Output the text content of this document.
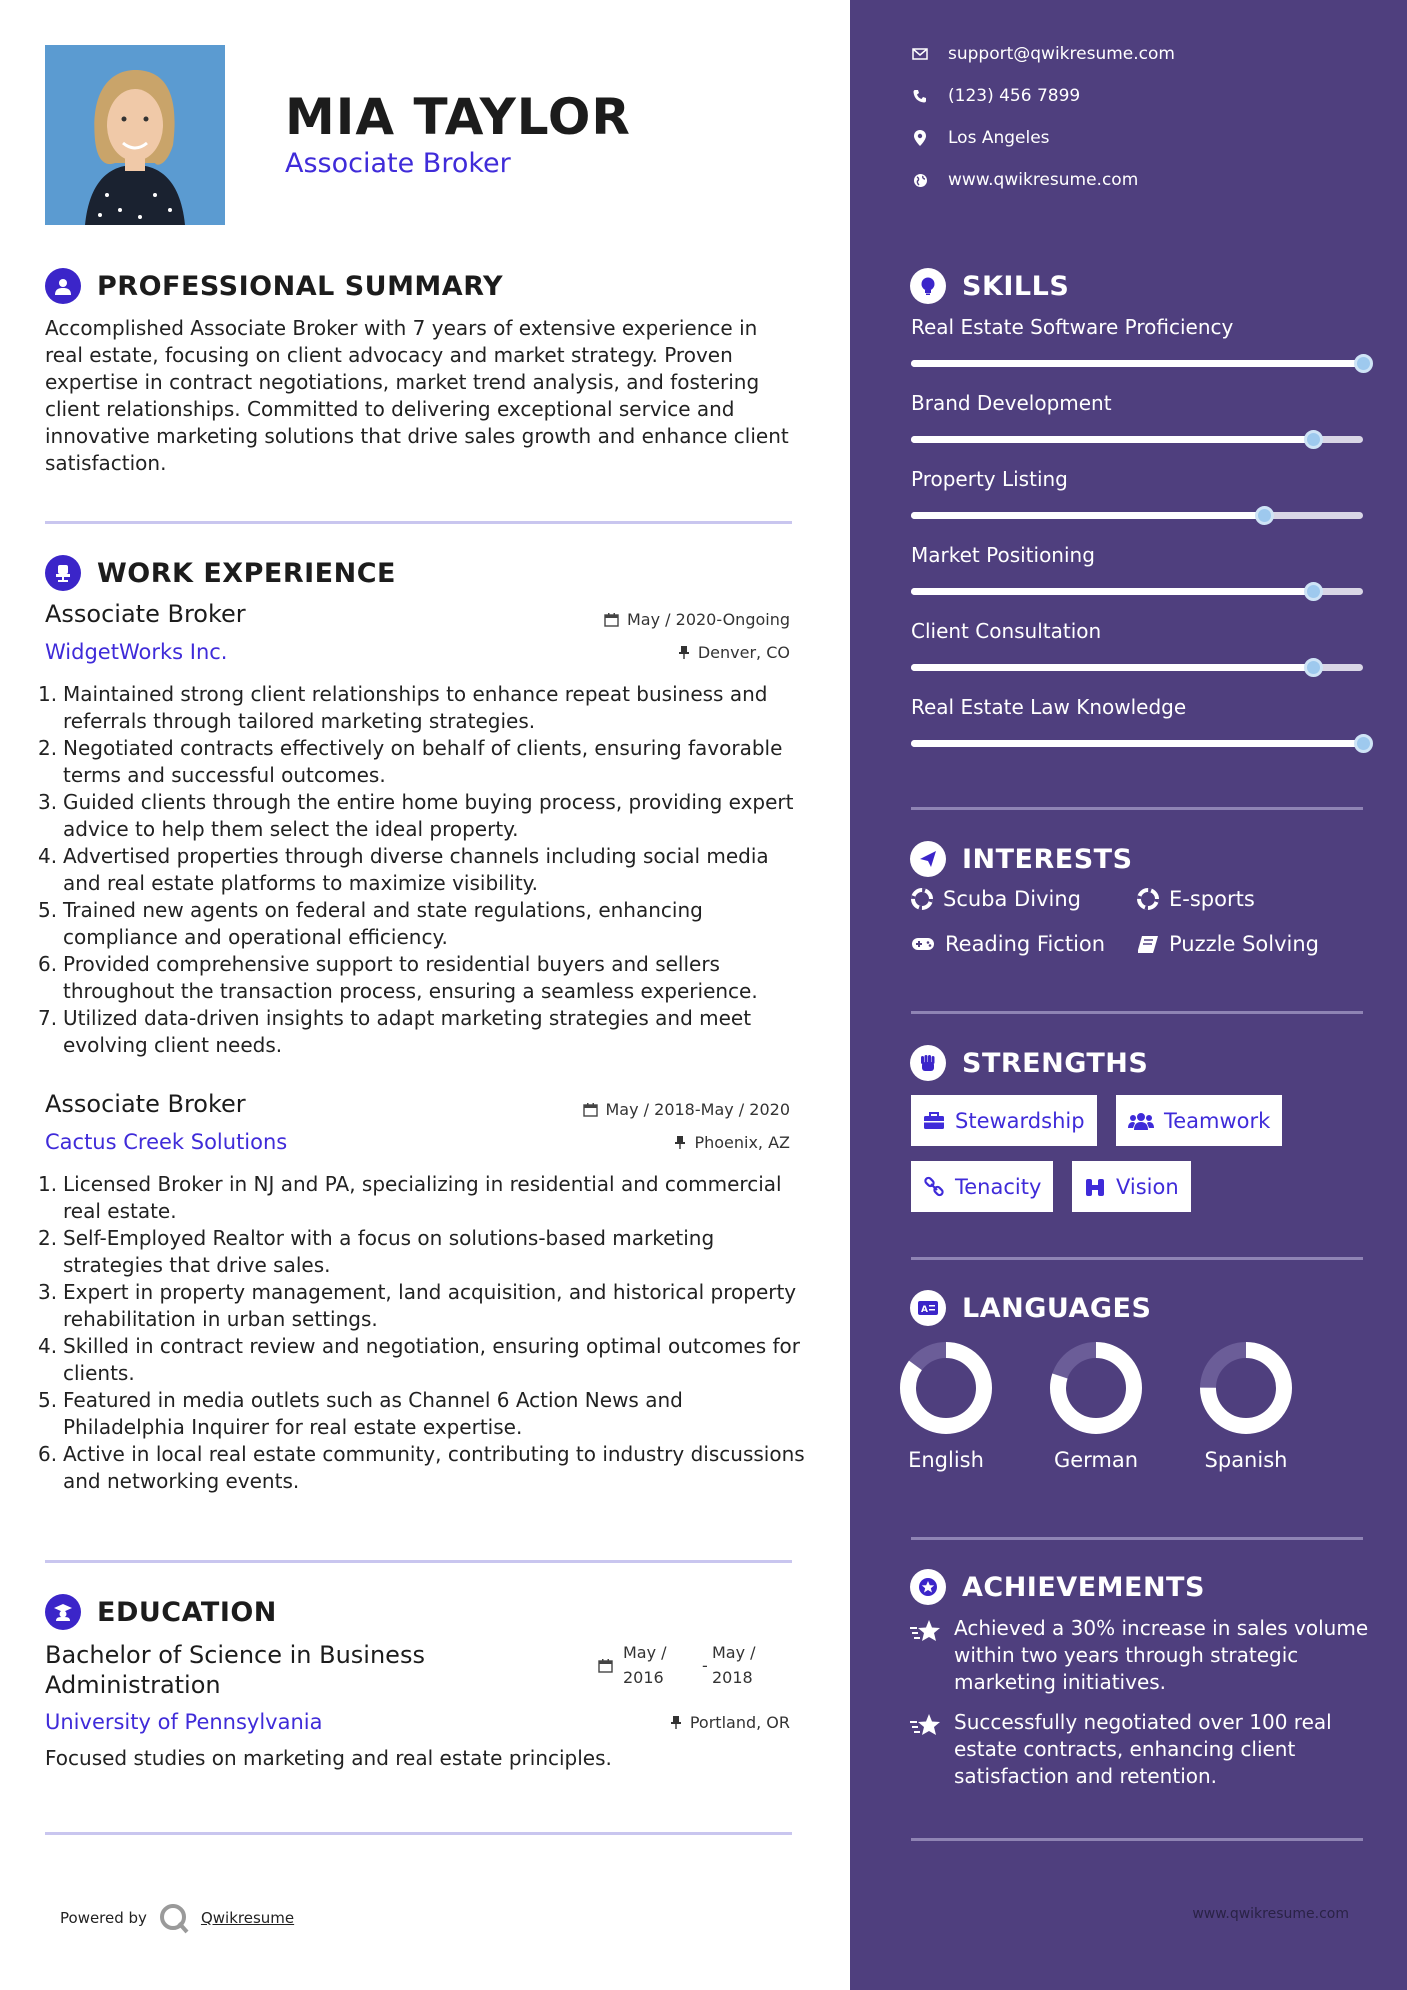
MIA TAYLOR
Associate Broker
PROFESSIONAL SUMMARY
Accomplished Associate Broker with 7 years of extensive experience in real estate, focusing on client advocacy and market strategy. Proven expertise in contract negotiations, market trend analysis, and fostering client relationships. Committed to delivering exceptional service and innovative marketing solutions that drive sales growth and enhance client satisfaction.
WORK EXPERIENCE
Associate Broker	May / 2020-Ongoing
WidgetWorks Inc.	Denver, CO
1. Maintained strong client relationships to enhance repeat business and referrals through tailored marketing strategies.
2. Negotiated contracts effectively on behalf of clients, ensuring favorable terms and successful outcomes.
3. Guided clients through the entire home buying process, providing expert advice to help them select the ideal property.
4. Advertised properties through diverse channels including social media and real estate platforms to maximize visibility.
5. Trained new agents on federal and state regulations, enhancing compliance and operational efficiency.
6. Provided comprehensive support to residential buyers and sellers throughout the transaction process, ensuring a seamless experience.
7. Utilized data-driven insights to adapt marketing strategies and meet evolving client needs.
Associate Broker	May / 2018-May / 2020
Cactus Creek Solutions	Phoenix, AZ
1. Licensed Broker in NJ and PA, specializing in residential and commercial real estate.
2. Self-Employed Realtor with a focus on solutions-based marketing strategies that drive sales.
3. Expert in property management, land acquisition, and historical property rehabilitation in urban settings.
4. Skilled in contract review and negotiation, ensuring optimal outcomes for clients.
5. Featured in media outlets such as Channel 6 Action News and Philadelphia Inquirer for real estate expertise.
6. Active in local real estate community, contributing to industry discussions and networking events.
EDUCATION
Bachelor of Science in Business Administration
May /
2016
-
May /
2018
University of Pennsylvania	Portland, OR
Focused studies on marketing and real estate principles.
Powered by	Qwikresume
support@qwikresume.com
(123) 456 7899
Los Angeles
www.qwikresume.com
SKILLS
Real Estate Software Proficiency
Brand Development
Property Listing
Market Positioning
Client Consultation
Real Estate Law Knowledge
INTERESTS
Scuba Diving	E-sports
Reading Fiction	Puzzle Solving
STRENGTHS
Stewardship	Teamwork
Tenacity	Vision
A LANGUAGES
English	German	Spanish
ACHIEVEMENTS
Achieved a 30% increase in sales volume within two years through strategic marketing initiatives.
Successfully negotiated over 100 real estate contracts, enhancing client satisfaction and retention.
www.qwikresume.com
